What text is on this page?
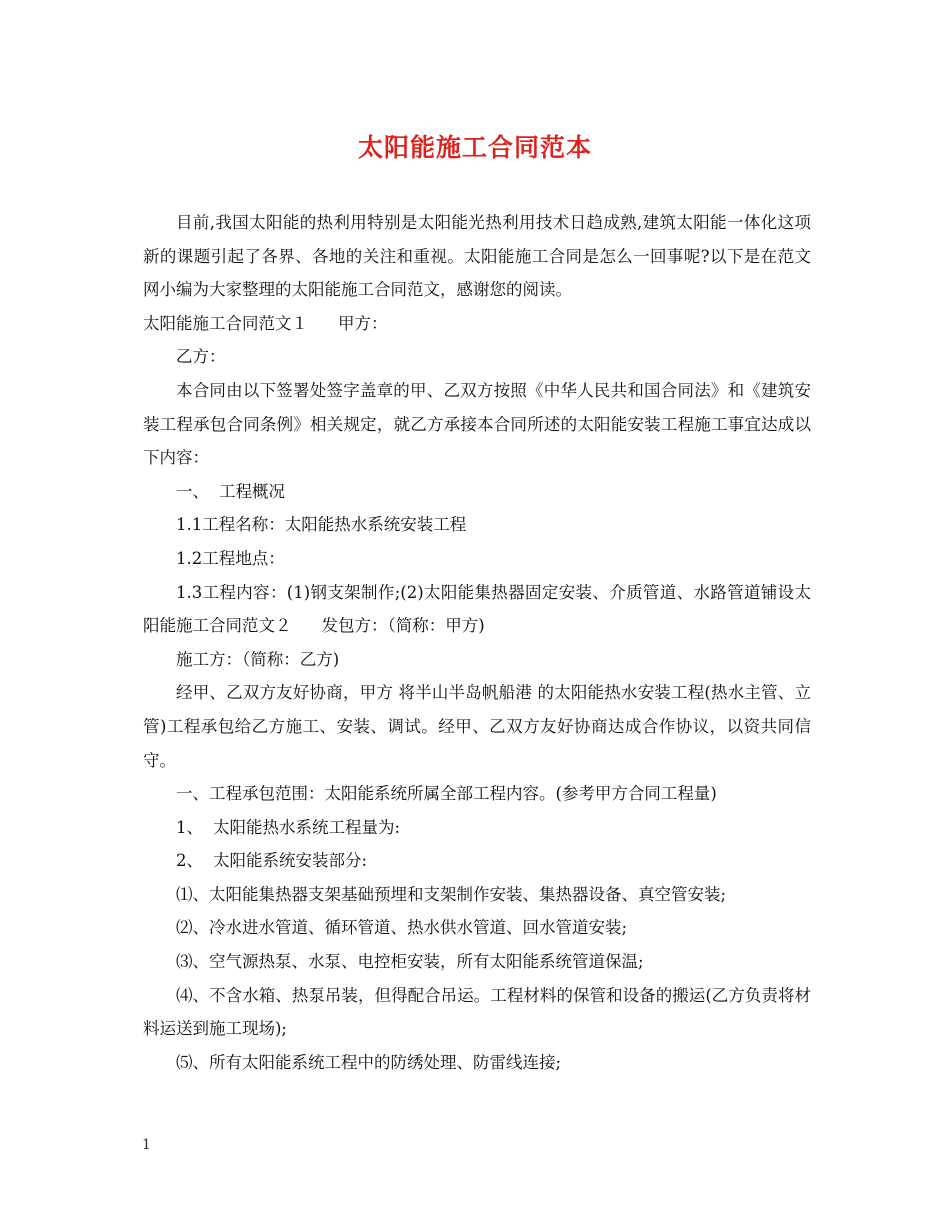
太阳能施工合同范本

目前,我国太阳能的热利用特别是太阳能光热利用技术日趋成熟,建筑太阳能一体化这项新的课题引起了各界、各地的关注和重视。太阳能施工合同是怎么一回事呢?以下是在范文网小编为大家整理的太阳能施工合同范文，感谢您的阅读。

太阳能施工合同范文１ 甲方：

乙方：

本合同由以下签署处签字盖章的甲、乙双方按照《中华人民共和国合同法》和《建筑安装工程承包合同条例》相关规定，就乙方承接本合同所述的太阳能安装工程施工事宜达成以下内容：

一、 工程概况

1.1工程名称：太阳能热水系统安装工程

1.2工程地点：

1.3工程内容：(1)钢支架制作;(2)太阳能集热器固定安装、介质管道、水路管道铺设太阳能施工合同范文２ 发包方：（简称：甲方)

施工方：（简称：乙方)

经甲、乙双方友好协商，甲方 将半山半岛帆船港 的太阳能热水安装工程(热水主管、立管)工程承包给乙方施工、安装、调试。经甲、乙双方友好协商达成合作协议，以资共同信守。

一、工程承包范围：太阳能系统所属全部工程内容。(参考甲方合同工程量)

1、 太阳能热水系统工程量为:

2、 太阳能系统安装部分:

⑴、太阳能集热器支架基础预埋和支架制作安装、集热器设备、真空管安装;

⑵、冷水进水管道、循环管道、热水供水管道、回水管道安装;

⑶、空气源热泵、水泵、电控柜安装，所有太阳能系统管道保温;

⑷、不含水箱、热泵吊装，但得配合吊运。工程材料的保管和设备的搬运(乙方负责将材料运送到施工现场);

⑸、所有太阳能系统工程中的防绣处理、防雷线连接;

1
